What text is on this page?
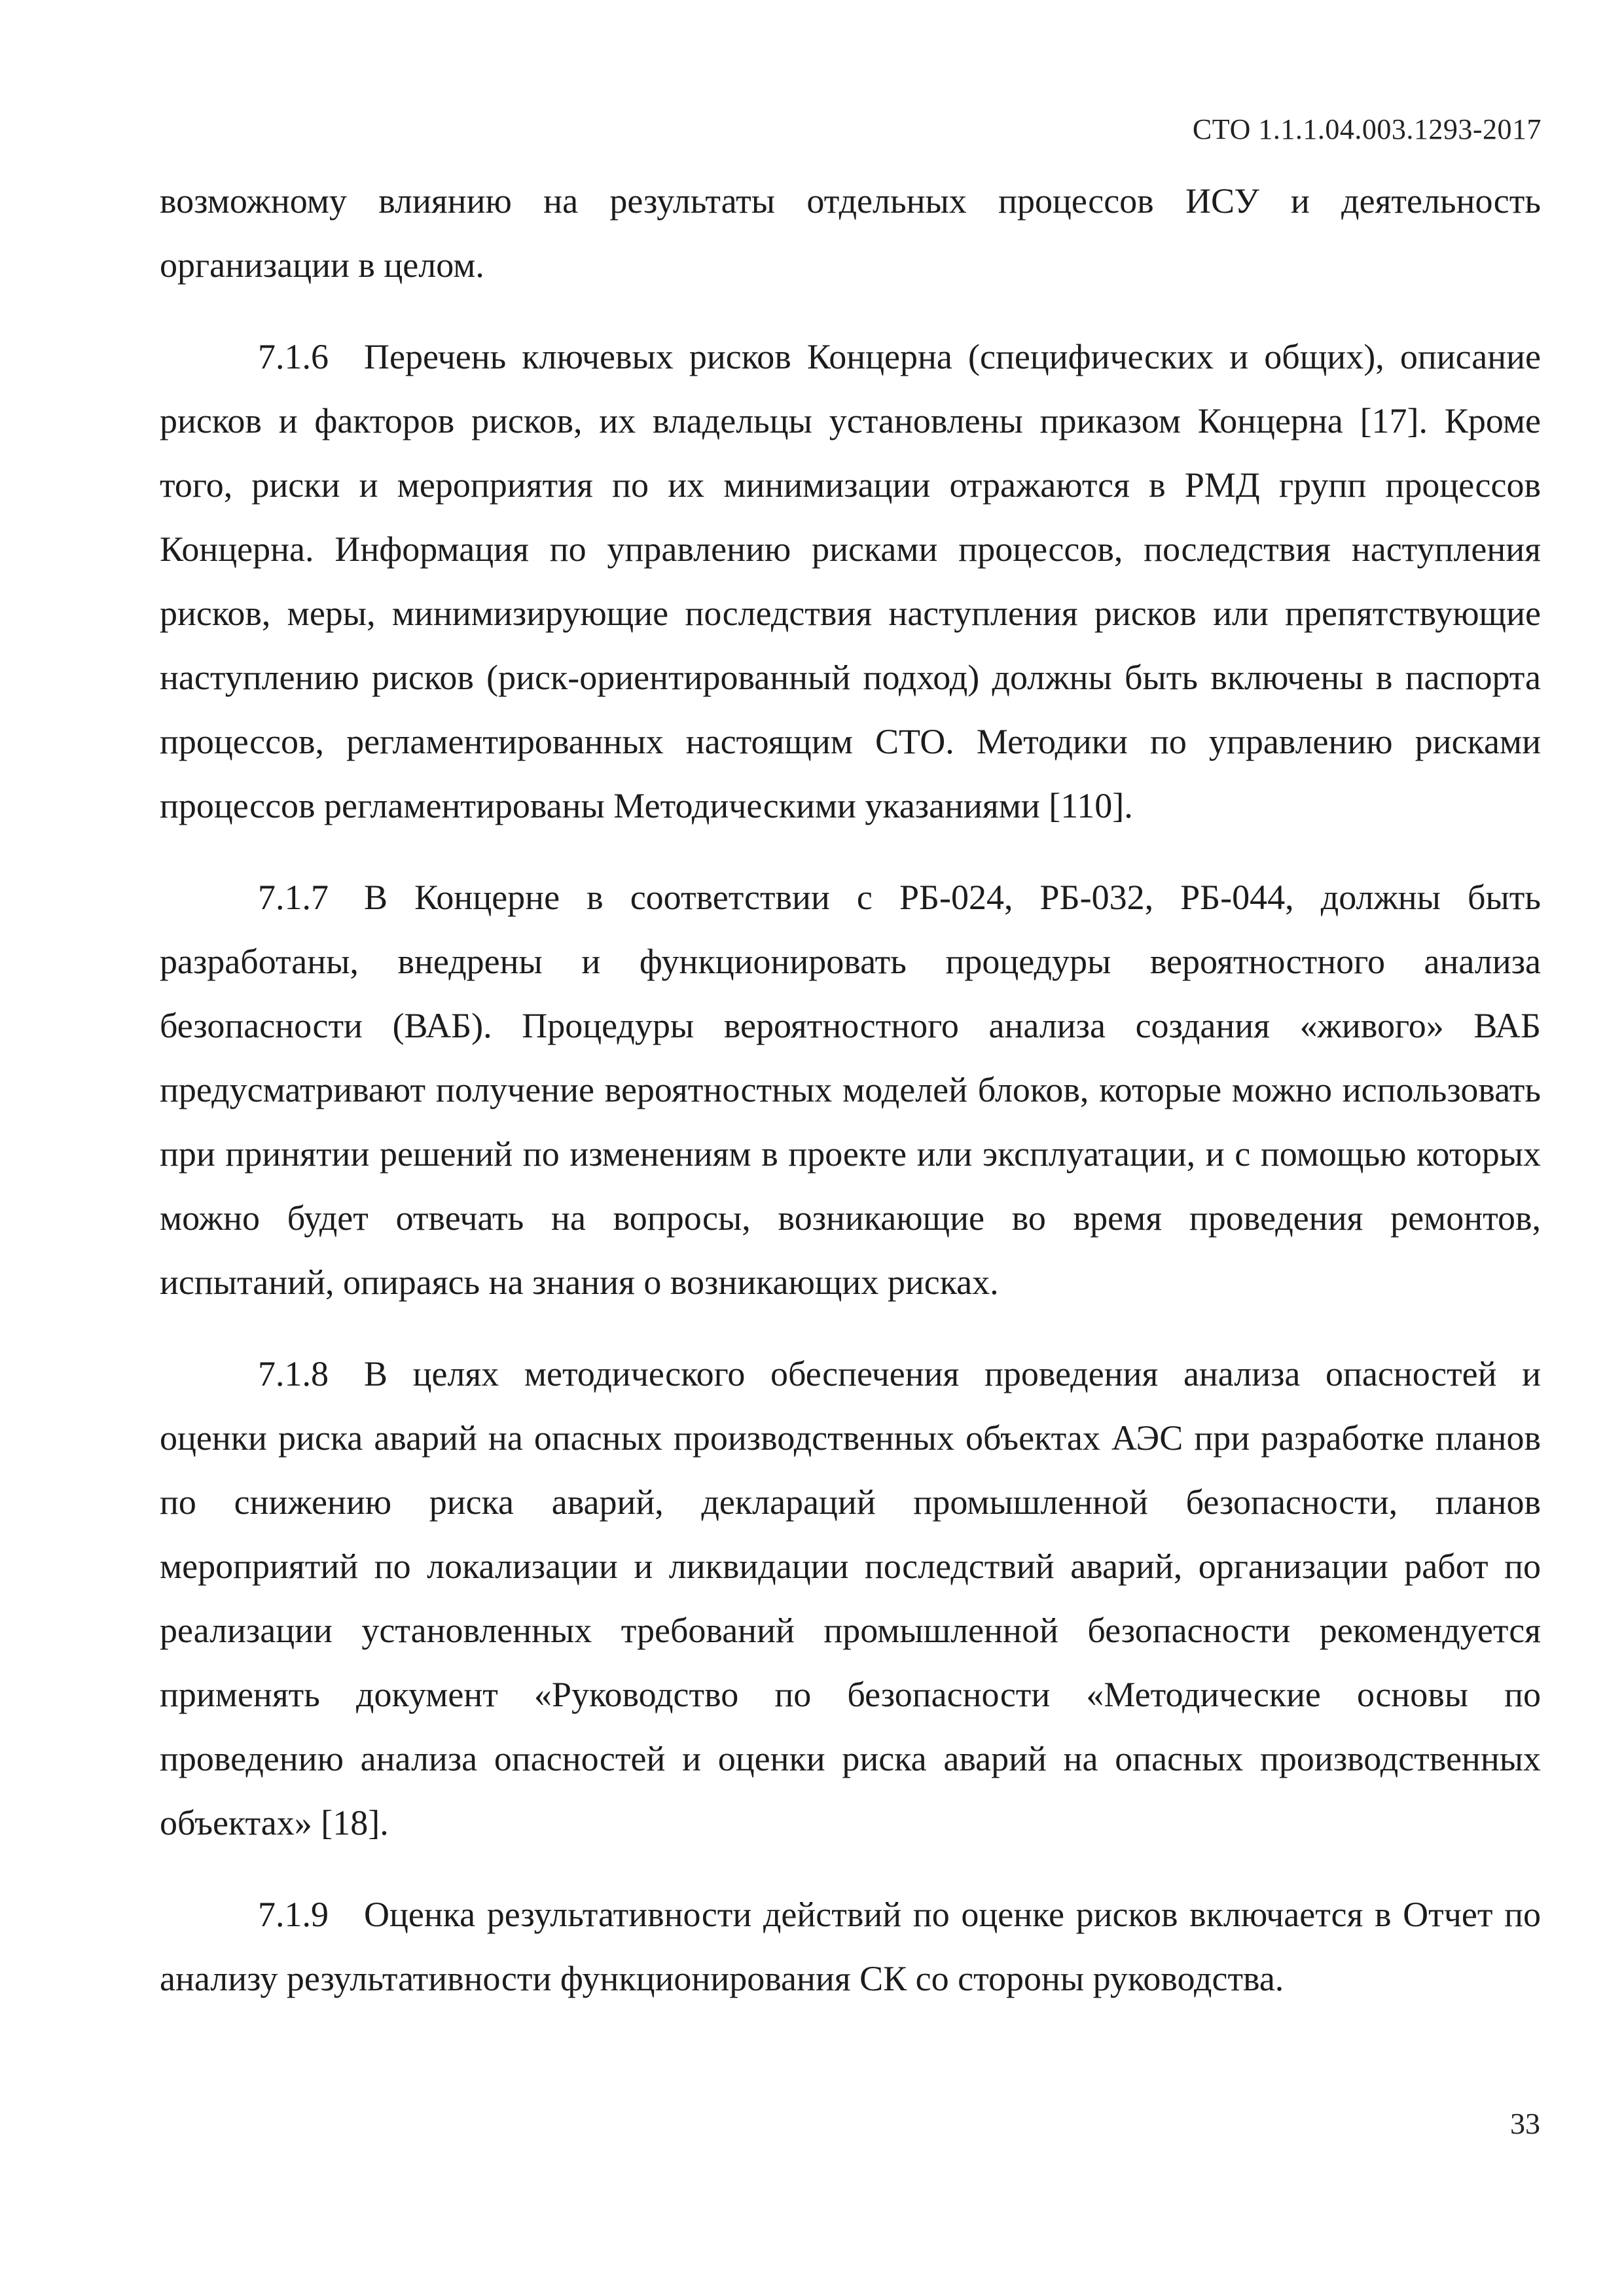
СТО 1.1.1.04.003.1293-2017

возможному влиянию на результаты отдельных процессов ИСУ и деятельность организации в целом.

7.1.6 Перечень ключевых рисков Концерна (специфических и общих), описание рисков и факторов рисков, их владельцы установлены приказом Концерна [17]. Кроме того, риски и мероприятия по их минимизации отражаются в РМД групп процессов Концерна. Информация по управлению рисками процессов, последствия наступления рисков, меры, минимизирующие последствия наступления рисков или препятствующие наступлению рисков (риск-ориентированный подход) должны быть включены в паспорта процессов, регламентированных настоящим СТО. Методики по управлению рисками процессов регламентированы Методическими указаниями [110].

7.1.7 В Концерне в соответствии с РБ-024, РБ-032, РБ-044, должны быть разработаны, внедрены и функционировать процедуры вероятностного анализа безопасности (ВАБ). Процедуры вероятностного анализа создания «живого» ВАБ предусматривают получение вероятностных моделей блоков, которые можно использовать при принятии решений по изменениям в проекте или эксплуатации, и с помощью которых можно будет отвечать на вопросы, возникающие во время проведения ремонтов, испытаний, опираясь на знания о возникающих рисках.

7.1.8 В целях методического обеспечения проведения анализа опасностей и оценки риска аварий на опасных производственных объектах АЭС при разработке планов по снижению риска аварий, деклараций промышленной безопасности, планов мероприятий по локализации и ликвидации последствий аварий, организации работ по реализации установленных требований промышленной безопасности рекомендуется применять документ «Руководство по безопасности «Методические основы по проведению анализа опасностей и оценки риска аварий на опасных производственных объектах» [18].

7.1.9 Оценка результативности действий по оценке рисков включается в Отчет по анализу результативности функционирования СК со стороны руководства.

33
